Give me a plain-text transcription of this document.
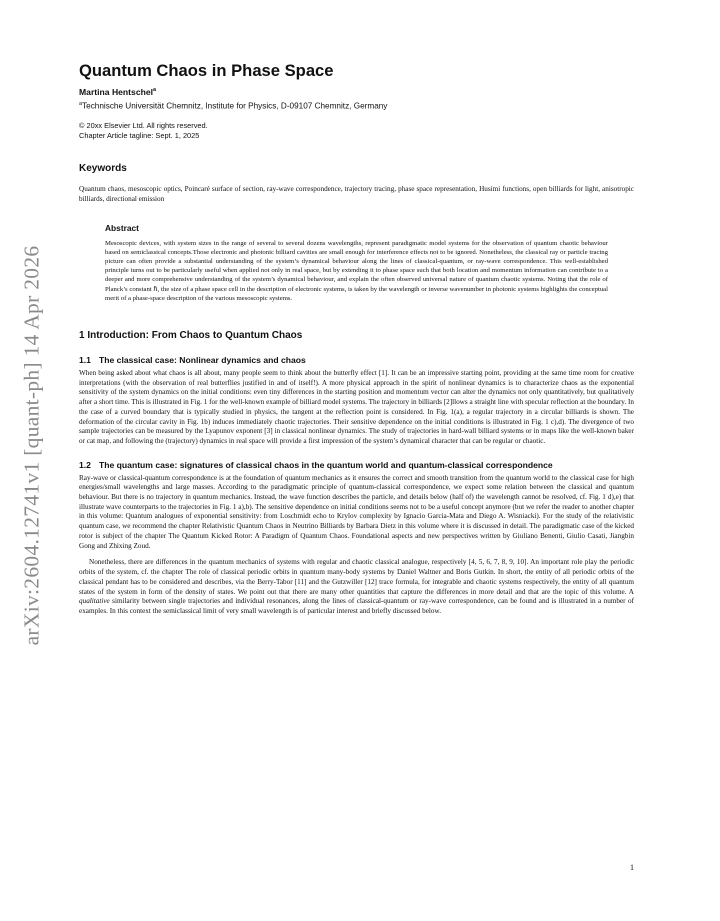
arXiv:2604.12741v1 [quant-ph] 14 Apr 2026
Quantum Chaos in Phase Space
Martina Hentschel$^a$
$^a$Technische Universität Chemnitz, Institute for Physics, D-09107 Chemnitz, Germany
© 20xx Elsevier Ltd. All rights reserved.
Chapter Article tagline: Sept. 1, 2025
Keywords
Quantum chaos, mesoscopic optics, Poincaré surface of section, ray-wave correspondence, trajectory tracing, phase space representation, Husimi functions, open billiards for light, anisotropic billiards, directional emission
Abstract
Mesoscopic devices, with system sizes in the range of several to several dozens wavelengths, represent paradigmatic model systems for the observation of quantum chaotic behaviour based on semiclassical concepts.Those electronic and photonic billiard cavities are small enough for interference effects not to be ignored. Nonetheless, the classical ray or particle tracing picture can often provide a substantial understanding of the system’s dynamical behaviour along the lines of classical-quantum, or ray-wave correspondence. This well-established principle turns out to be particularly useful when applied not only in real space, but by extending it to phase space such that both location and momentum information can contribute to a deeper and more comprehensive understanding of the system’s dynamical behaviour, and explain the often observed universal nature of quantum chaotic systems. Noting that the role of Planck’s constant ℏ, the size of a phase space cell in the description of electronic systems, is taken by the wavelength or inverse wavenumber in photonic systems highlights the conceptual merit of a phase-space description of the various mesoscopic systems.
1 Introduction: From Chaos to Quantum Chaos
1.1 The classical case: Nonlinear dynamics and chaos

When being asked about what chaos is all about, many people seem to think about the butterfly effect [1]. It can be an impressive starting point, providing at the same time room for creative interpretations (with the observation of real butterflies justified in and of itself!). A more physical approach in the spirit of nonlinear dynamics is to characterize chaos as the exponential sensitivity of the system dynamics on the initial conditions: even tiny differences in the starting position and momentum vector can alter the dynamics not only quantitatively, but qualitatively after a short time. This is illustrated in Fig. 1 for the well-known example of billiard model systems. The trajectory in billiards [2]llows a straight line with specular reflection at the boundary. In the case of a curved boundary that is typically studied in physics, the tangent at the reflection point is considered. In Fig. 1(a), a regular trajectory in a circular billiards is shown. The deformation of the circular cavity in Fig. 1b) induces immediately chaotic trajectories. Their sensitive dependence on the initial conditions is illustrated in Fig. 1 c),d). The divergence of two sample trajectories can be measured by the Lyapunov exponent [3] in classical nonlinear dynamics. The study of trajectories in hard-wall billiard systems or in maps like the well-known baker or cat map, and following the (trajectory) dynamics in real space will provide a first impression of the system’s dynamical character that can be regular or chaotic.

1.2 The quantum case: signatures of classical chaos in the quantum world and quantum-classical correspondence

Ray-wave or classical-quantum correspondence is at the foundation of quantum mechanics as it ensures the correct and smooth transition from the quantum world to the classical case for high energies/small wavelengths and large masses. According to the paradigmatic principle of quantum-classical correspondence, we expect some relation between the classical and quantum behaviour. But there is no trajectory in quantum mechanics. Instead, the wave function describes the particle, and details below (half of) the wavelength cannot be resolved, cf. Fig. 1 d),e) that illustrate wave counterparts to the trajectories in Fig. 1 a),b). The sensitive dependence on initial conditions seems not to be a useful concept anymore (but we refer the reader to another chapter in this volume: Quantum analogues of exponential sensitivity: from Loschmidt echo to Krylov complexity by Ignacio Garcia-Mata and Diego A. Wisniacki). For the study of the relativistic quantum case, we recommend the chapter Relativistic Quantum Chaos in Neutrino Billiards by Barbara Dietz in this volume where it is discussed in detail. The paradigmatic case of the kicked rotor is subject of the chapter The Quantum Kicked Rotor: A Paradigm of Quantum Chaos. Foundational aspects and new perspectives written by Giuliano Benenti, Giulio Casati, Jiangbin Gong and Zhixing Zoud.

Nonetheless, there are differences in the quantum mechanics of systems with regular and chaotic classical analogue, respectively [4, 5, 6, 7, 8, 9, 10]. An important role play the periodic orbits of the system, cf. the chapter The role of classical periodic orbits in quantum many-body systems by Daniel Waltner and Boris Gutkin. In short, the entity of all periodic orbits of the classical pendant has to be considered and describes, via the Berry-Tabor [11] and the Gutzwiller [12] trace formula, for integrable and chaotic systems respectively, the entity of all quantum states of the system in form of the density of states. We point out that there are many other quantities that capture the differences in more detail and that are the topic of this volume. A qualitative similarity between single trajectories and individual resonances, along the lines of classical-quantum or ray-wave correspondence, can be found and is illustrated in a number of examples. In this context the semiclassical limit of very small wavelength is of particular interest and briefly discussed below.

1
